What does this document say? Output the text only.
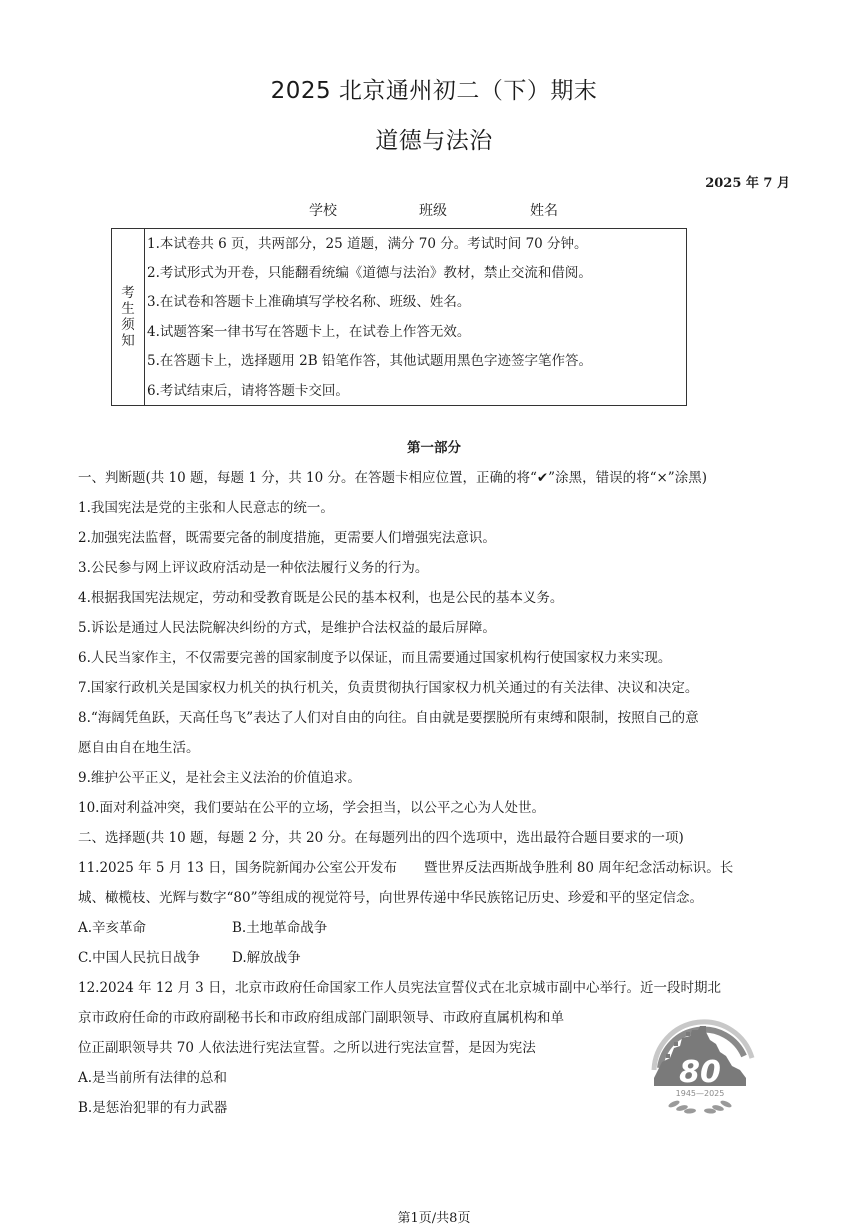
2025 北京通州初二（下）期末
道德与法治
2025 年 7 月
学校	班级	姓名
考
生
须
知
1.本试卷共 6 页，共两部分，25 道题，满分 70 分。考试时间 70 分钟。
2.考试形式为开卷，只能翻看统编《道德与法治》教材，禁止交流和借阅。
3.在试卷和答题卡上准确填写学校名称、班级、姓名。
4.试题答案一律书写在答题卡上，在试卷上作答无效。
5.在答题卡上，选择题用 2B 铅笔作答，其他试题用黑色字迹签字笔作答。
6.考试结束后，请将答题卡交回。
第一部分
一、判断题(共 10 题，每题 1 分，共 10 分。在答题卡相应位置，正确的将“✔”涂黑，错误的将“×”涂黑)
1.我国宪法是党的主张和人民意志的统一。
2.加强宪法监督，既需要完备的制度措施，更需要人们增强宪法意识。
3.公民参与网上评议政府活动是一种依法履行义务的行为。
4.根据我国宪法规定，劳动和受教育既是公民的基本权利，也是公民的基本义务。
5.诉讼是通过人民法院解决纠纷的方式，是维护合法权益的最后屏障。
6.人民当家作主，不仅需要完善的国家制度予以保证，而且需要通过国家机构行使国家权力来实现。
7.国家行政机关是国家权力机关的执行机关，负责贯彻执行国家权力机关通过的有关法律、决议和决定。
8.“海阔凭鱼跃，天高任鸟飞”表达了人们对自由的向往。自由就是要摆脱所有束缚和限制，按照自己的意
愿自由自在地生活。
9.维护公平正义，是社会主义法治的价值追求。
10.面对利益冲突，我们要站在公平的立场，学会担当，以公平之心为人处世。
二、选择题(共 10 题，每题 2 分，共 20 分。在每题列出的四个选项中，选出最符合题目要求的一项)
11.2025 年 5 月 13 日，国务院新闻办公室公开发布　　暨世界反法西斯战争胜利 80 周年纪念活动标识。长
城、橄榄枝、光辉与数字“80”等组成的视觉符号，向世界传递中华民族铭记历史、珍爱和平的坚定信念。
A.辛亥革命	B.土地革命战争
C.中国人民抗日战争 D.解放战争
12.2024 年 12 月 3 日，北京市政府任命国家工作人员宪法宣誓仪式在北京城市副中心举行。近一段时期北
京市政府任命的市政府副秘书长和市政府组成部门副职领导、市政府直属机构和单
位正副职领导共 70 人依法进行宪法宣誓。之所以进行宪法宣誓，是因为宪法
A.是当前所有法律的总和
B.是惩治犯罪的有力武器
80
1945—2025
第1页/共8页
